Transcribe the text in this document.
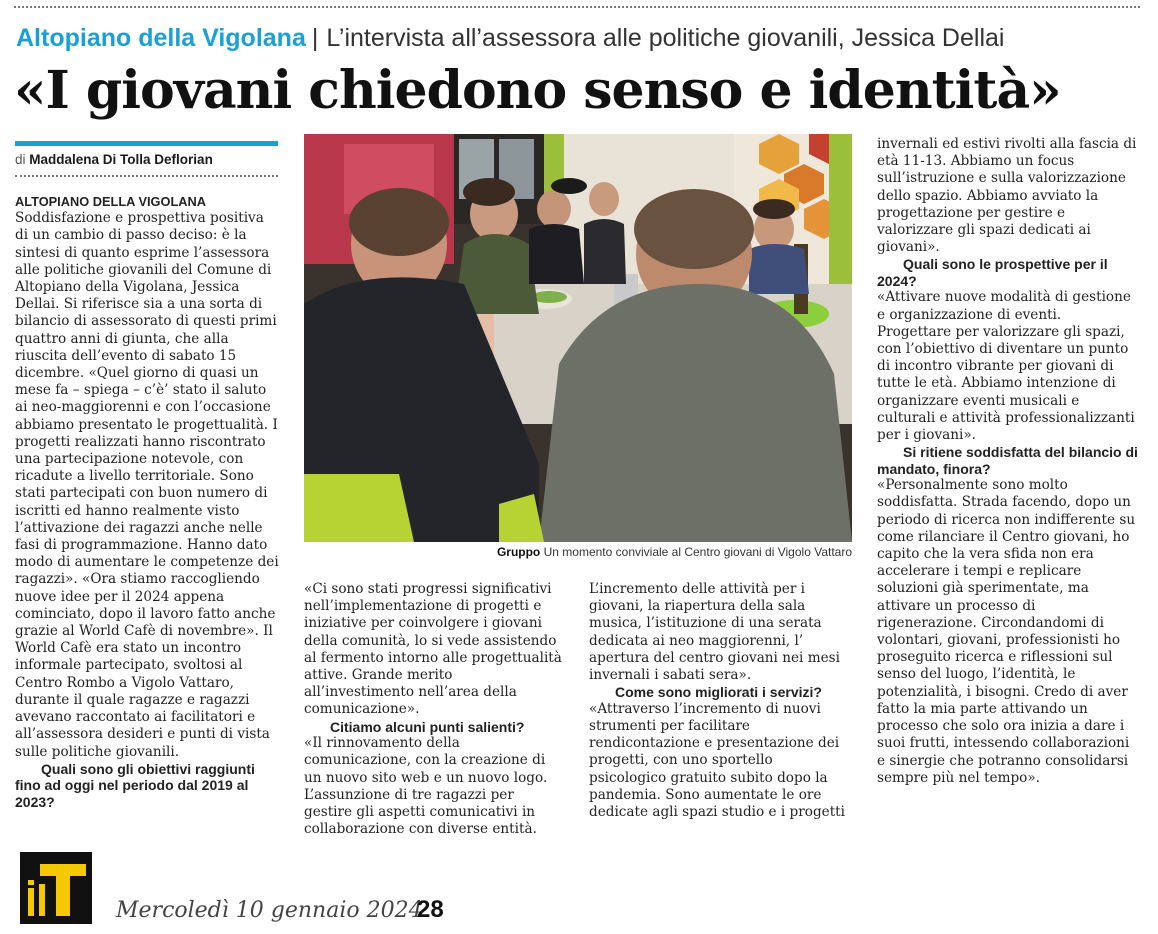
Altopiano della Vigolana | L’intervista all’assessora alle politiche giovanili, Jessica Dellai
«I giovani chiedono senso e identità»
di Maddalena Di Tolla Deflorian

ALTOPIANO DELLA VIGOLANA

Soddisfazione e prospettiva positiva di un cambio di passo deciso: è la sintesi di quanto esprime l’assessora alle politiche giovanili del Comune di Altopiano della Vigolana, Jessica Dellai. Si riferisce sia a una sorta di bilancio di assessorato di questi primi quattro anni di giunta, che alla riuscita dell’evento di sabato 15 dicembre. «Quel giorno di quasi un mese fa – spiega – c’è’ stato il saluto ai neo-maggiorenni e con l’occasione abbiamo presentato le progettualità. I progetti realizzati hanno riscontrato una partecipazione notevole, con ricadute a livello territoriale. Sono stati partecipati con buon numero di iscritti ed hanno realmente visto l’attivazione dei ragazzi anche nelle fasi di programmazione. Hanno dato modo di aumentare le competenze dei ragazzi». «Ora stiamo raccogliendo nuove idee per il 2024 appena cominciato, dopo il lavoro fatto anche grazie al World Cafè di novembre». Il World Cafè era stato un incontro informale partecipato, svoltosi al Centro Rombo a Vigolo Vattaro, durante il quale ragazze e ragazzi avevano raccontato ai facilitatori e all’assessora desideri e punti di vista sulle politiche giovanili.

Quali sono gli obiettivi raggiunti fino ad oggi nel periodo dal 2019 al 2023?

Gruppo Un momento conviviale al Centro giovani di Vigolo Vattaro

«Ci sono stati progressi significativi nell’implementazione di progetti e iniziative per coinvolgere i giovani della comunità, lo si vede assistendo al fermento intorno alle progettualità attive. Grande merito all’investimento nell’area della comunicazione».

Citiamo alcuni punti salienti?

«Il rinnovamento della comunicazione, con la creazione di un nuovo sito web e un nuovo logo. L’assunzione di tre ragazzi per gestire gli aspetti comunicativi in collaborazione con diverse entità.

L’incremento delle attività per i giovani, la riapertura della sala musica, l’istituzione di una serata dedicata ai neo maggiorenni, l’ apertura del centro giovani nei mesi invernali i sabati sera».

Come sono migliorati i servizi?

«Attraverso l’incremento di nuovi strumenti per facilitare rendicontazione e presentazione dei progetti, con uno sportello psicologico gratuito subito dopo la pandemia. Sono aumentate le ore dedicate agli spazi studio e i progetti

invernali ed estivi rivolti alla fascia di età 11-13. Abbiamo un focus sull’istruzione e sulla valorizzazione dello spazio. Abbiamo avviato la progettazione per gestire e valorizzare gli spazi dedicati ai giovani».

Quali sono le prospettive per il 2024?

«Attivare nuove modalità di gestione e organizzazione di eventi. Progettare per valorizzare gli spazi, con l’obiettivo di diventare un punto di incontro vibrante per giovani di tutte le età. Abbiamo intenzione di organizzare eventi musicali e culturali e attività professionalizzanti per i giovani».

Si ritiene soddisfatta del bilancio di mandato, finora?

«Personalmente sono molto soddisfatta. Strada facendo, dopo un periodo di ricerca non indifferente su come rilanciare il Centro giovani, ho capito che la vera sfida non era accelerare i tempi e replicare soluzioni già sperimentate, ma attivare un processo di rigenerazione. Circondandomi di volontari, giovani, professionisti ho proseguito ricerca e riflessioni sul senso del luogo, l’identità, le potenzialità, i bisogni. Credo di aver fatto la mia parte attivando un processo che solo ora inizia a dare i suoi frutti, intessendo collaborazioni e sinergie che potranno consolidarsi sempre più nel tempo».

Mercoledì 10 gennaio 2024
28
